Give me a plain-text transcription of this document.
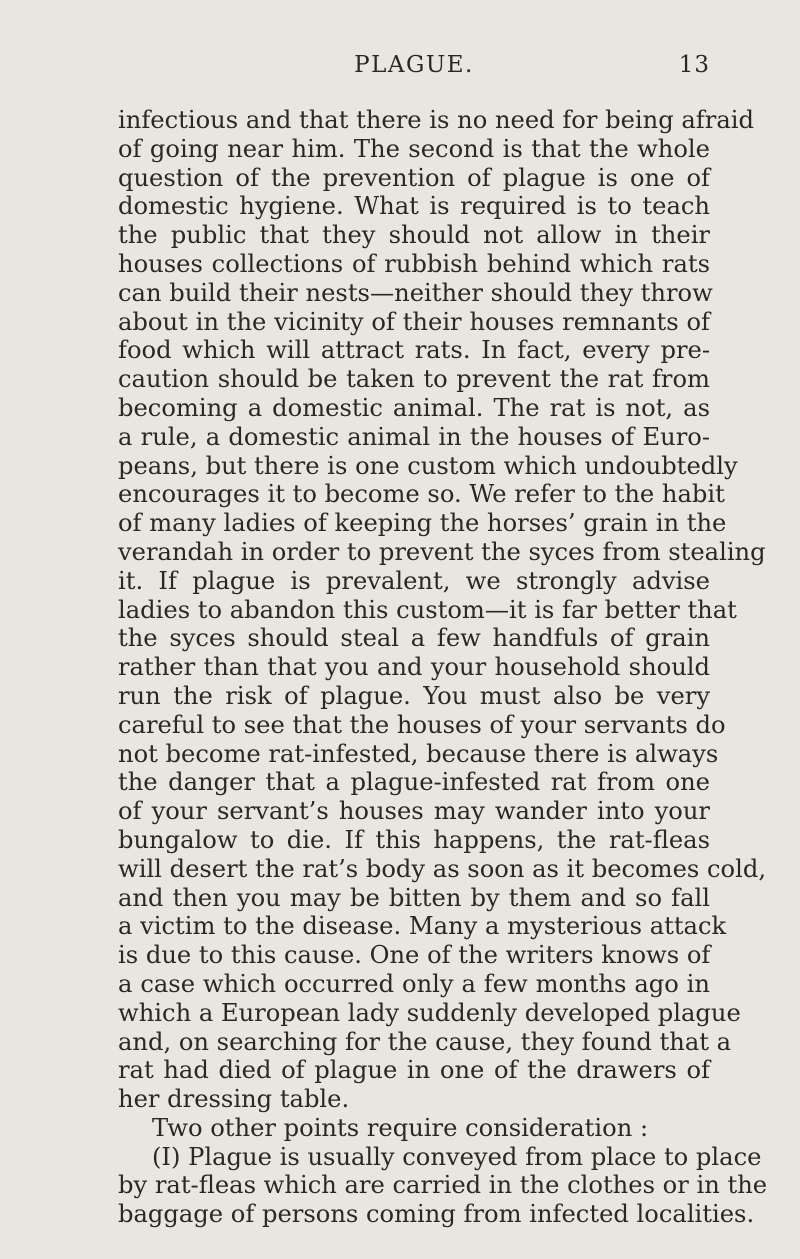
PLAGUE.	13
infectious and that there is no need for being afraid
of going near him. The second is that the whole
question of the prevention of plague is one of
domestic hygiene. What is required is to teach
the public that they should not allow in their
houses collections of rubbish behind which rats
can build their nests—neither should they throw
about in the vicinity of their houses remnants of
food which will attract rats. In fact, every pre-
caution should be taken to prevent the rat from
becoming a domestic animal. The rat is not, as
a rule, a domestic animal in the houses of Euro-
peans, but there is one custom which undoubtedly
encourages it to become so. We refer to the habit
of many ladies of keeping the horses’ grain in the
verandah in order to prevent the syces from stealing
it. If plague is prevalent, we strongly advise
ladies to abandon this custom—it is far better that
the syces should steal a few handfuls of grain
rather than that you and your household should
run the risk of plague. You must also be very
careful to see that the houses of your servants do
not become rat-infested, because there is always
the danger that a plague-infested rat from one
of your servant’s houses may wander into your
bungalow to die. If this happens, the rat-fleas
will desert the rat’s body as soon as it becomes cold,
and then you may be bitten by them and so fall
a victim to the disease. Many a mysterious attack
is due to this cause. One of the writers knows of
a case which occurred only a few months ago in
which a European lady suddenly developed plague
and, on searching for the cause, they found that a
rat had died of plague in one of the drawers of
her dressing table.
Two other points require consideration :
(I) Plague is usually conveyed from place to place
by rat-fleas which are carried in the clothes or in the
baggage of persons coming from infected localities.
